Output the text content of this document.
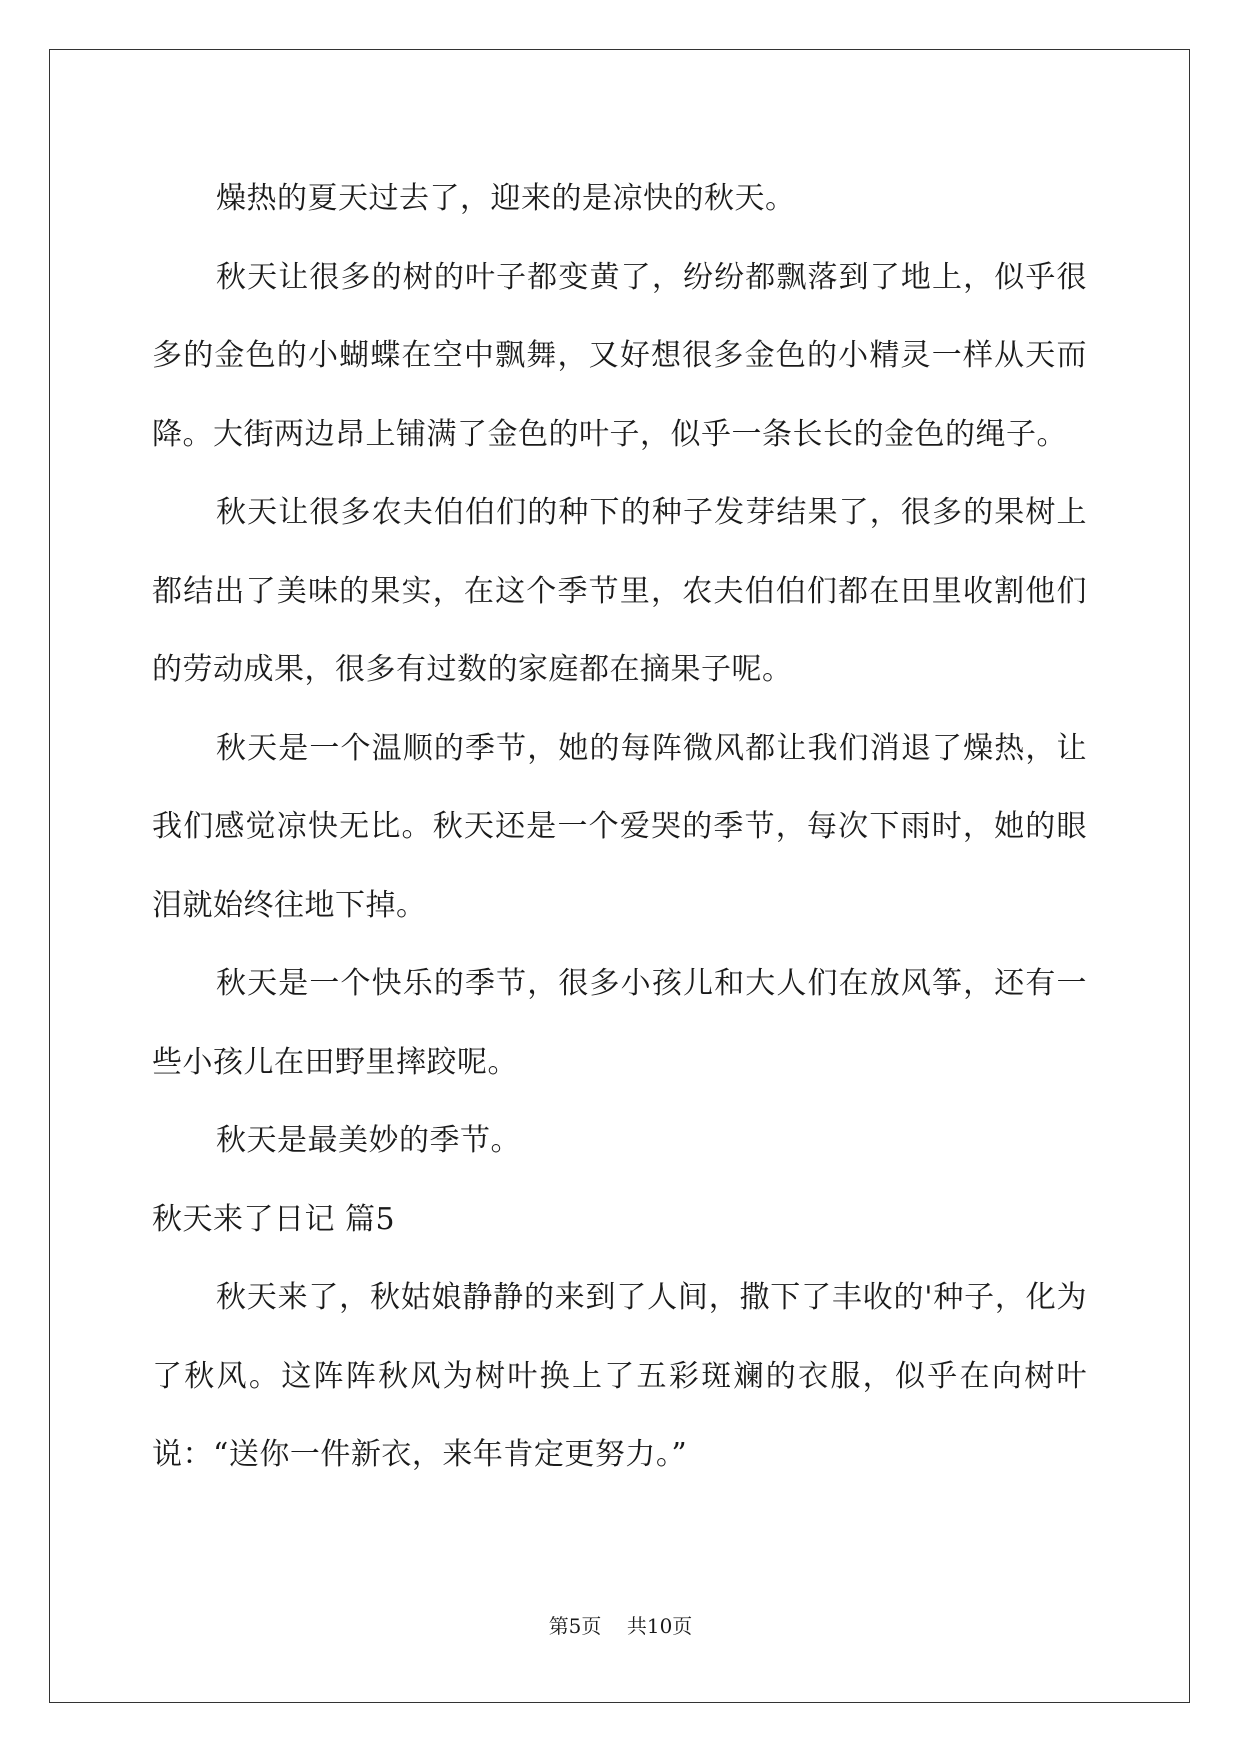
燥热的夏天过去了，迎来的是凉快的秋天。

秋天让很多的树的叶子都变黄了，纷纷都飘落到了地上，似乎很多的金色的小蝴蝶在空中飘舞，又好想很多金色的小精灵一样从天而降。大街两边昂上铺满了金色的叶子，似乎一条长长的金色的绳子。

秋天让很多农夫伯伯们的种下的种子发芽结果了，很多的果树上都结出了美味的果实，在这个季节里，农夫伯伯们都在田里收割他们的劳动成果，很多有过数的家庭都在摘果子呢。

秋天是一个温顺的季节，她的每阵微风都让我们消退了燥热，让我们感觉凉快无比。秋天还是一个爱哭的季节，每次下雨时，她的眼泪就始终往地下掉。

秋天是一个快乐的季节，很多小孩儿和大人们在放风筝，还有一些小孩儿在田野里摔跤呢。

秋天是最美妙的季节。

秋天来了日记 篇5

秋天来了，秋姑娘静静的来到了人间，撒下了丰收的'种子，化为了秋风。这阵阵秋风为树叶换上了五彩斑斓的衣服，似乎在向树叶说：“送你一件新衣，来年肯定更努力。”

第5页 共10页
